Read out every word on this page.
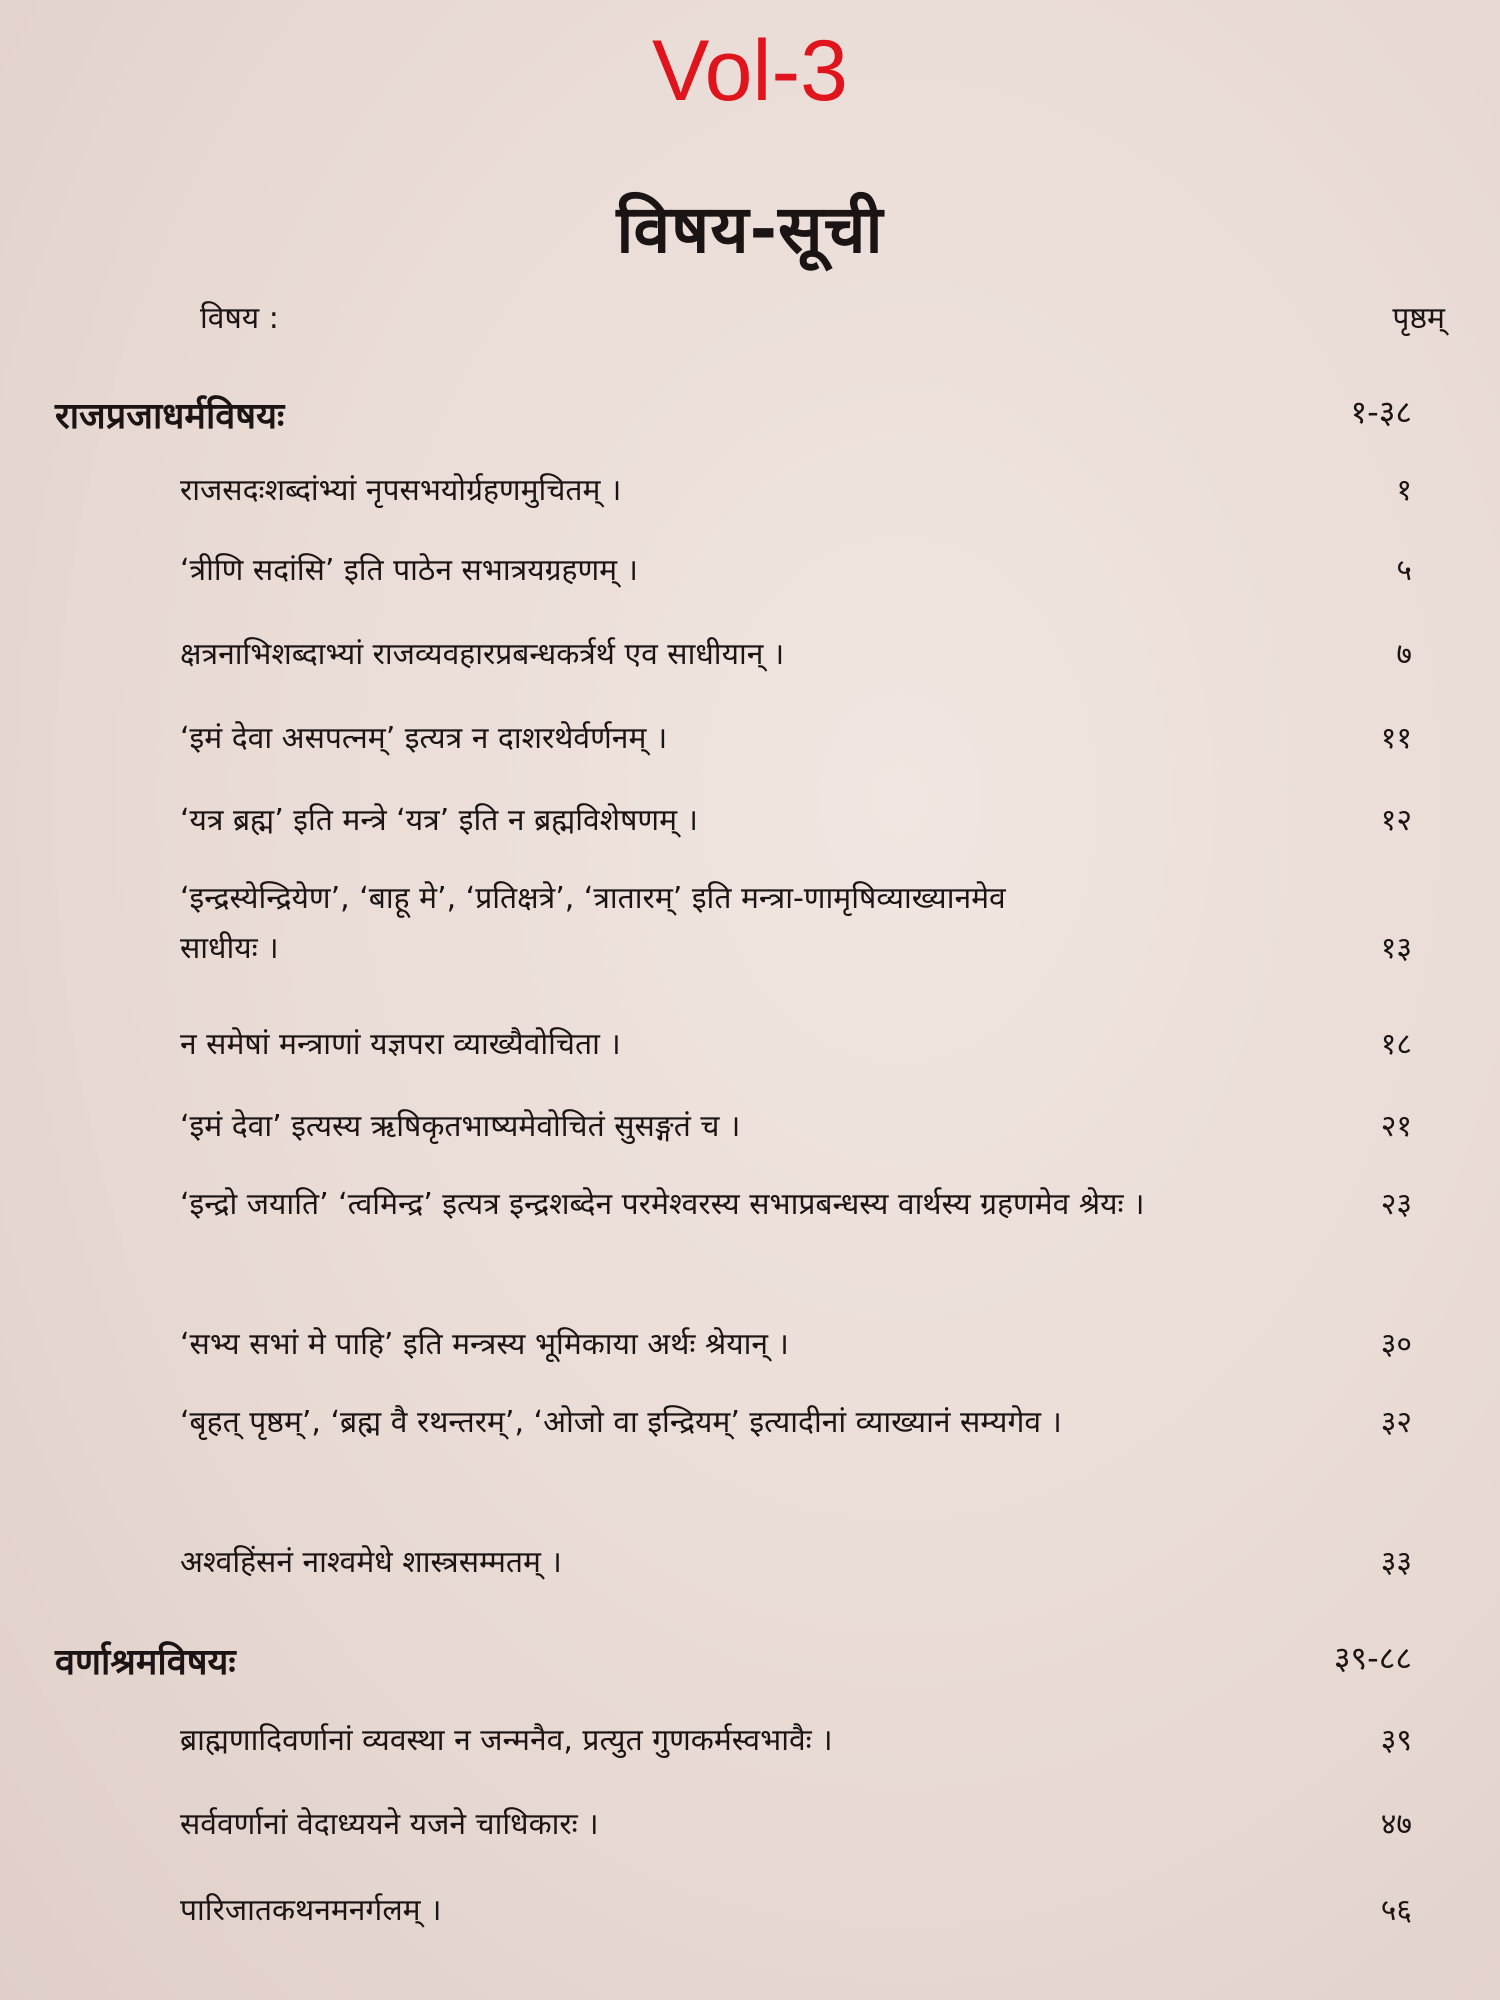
Vol-3
विषय-सूची
विषय :	पृष्ठम्
राजप्रजाधर्मविषयः	१-३८
राजसदःशब्दांभ्यां नृपसभयोर्ग्रहणमुचितम् ।	१
‘त्रीणि सदांसि’ इति पाठेन सभात्रयग्रहणम् ।	५
क्षत्रनाभिशब्दाभ्यां राजव्यवहारप्रबन्धकर्त्रर्थ एव साधीयान् ।	७
‘इमं देवा असपत्नम्’ इत्यत्र न दाशरथेर्वर्णनम् ।	११
‘यत्र ब्रह्म’ इति मन्त्रे ‘यत्र’ इति न ब्रह्मविशेषणम् ।	१२
‘इन्द्रस्येन्द्रियेण’, ‘बाहू मे’, ‘प्रतिक्षत्रे’, ‘त्रातारम्’ इति मन्त्रा-णामृषिव्याख्यानमेव साधीयः ।	१३
न समेषां मन्त्राणां यज्ञपरा व्याख्यैवोचिता ।	१८
‘इमं देवा’ इत्यस्य ऋषिकृतभाष्यमेवोचितं सुसङ्गतं च ।	२१
‘इन्द्रो जयाति’ ‘त्वमिन्द्र’ इत्यत्र इन्द्रशब्देन परमेश्वरस्य सभाप्रबन्धस्य वार्थस्य ग्रहणमेव श्रेयः ।	२३
‘सभ्य सभां मे पाहि’ इति मन्त्रस्य भूमिकाया अर्थः श्रेयान् ।	३०
‘बृहत् पृष्ठम्’, ‘ब्रह्म वै रथन्तरम्’, ‘ओजो वा इन्द्रियम्’ इत्यादीनां व्याख्यानं सम्यगेव ।	३२
अश्वहिंसनं नाश्वमेधे शास्त्रसम्मतम् ।	३३
वर्णाश्रमविषयः	३९-८८
ब्राह्मणादिवर्णानां व्यवस्था न जन्मनैव, प्रत्युत गुणकर्मस्वभावैः ।	३९
सर्ववर्णानां वेदाध्ययने यजने चाधिकारः ।	४७
पारिजातकथनमनर्गलम् ।	५६
